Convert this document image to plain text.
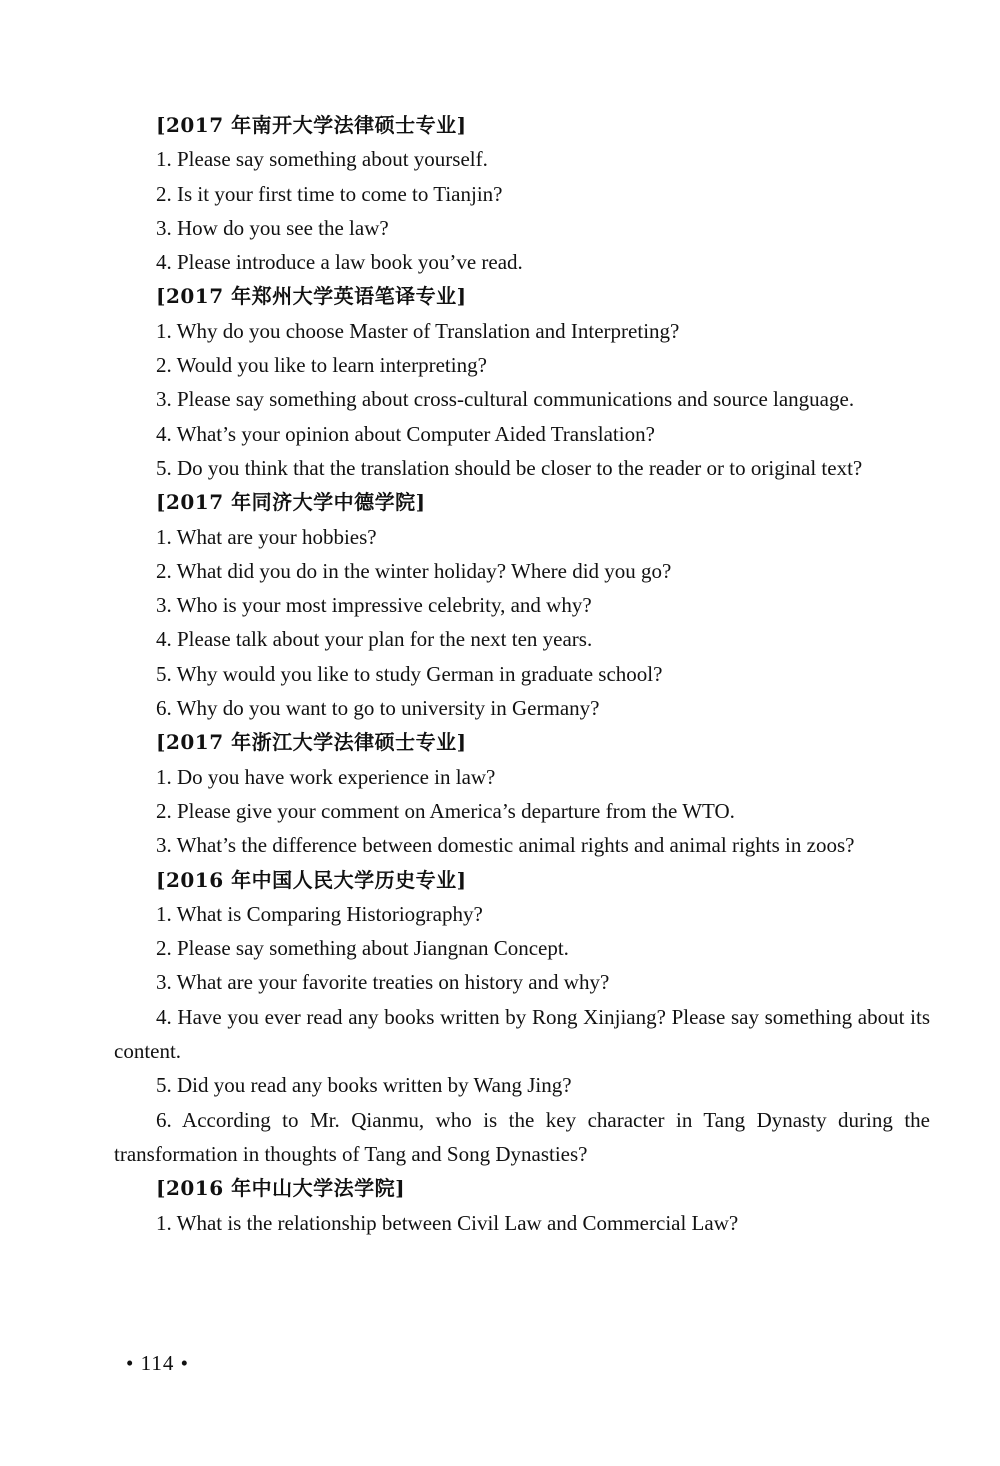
[2017 年南开大学法律硕士专业]

1. Please say something about yourself.

2. Is it your first time to come to Tianjin?

3. How do you see the law?

4. Please introduce a law book you’ve read.

[2017 年郑州大学英语笔译专业]

1. Why do you choose Master of Translation and Interpreting?

2. Would you like to learn interpreting?

3. Please say something about cross-cultural communications and source language.

4. What’s your opinion about Computer Aided Translation?

5. Do you think that the translation should be closer to the reader or to original text?

[2017 年同济大学中德学院]

1. What are your hobbies?

2. What did you do in the winter holiday? Where did you go?

3. Who is your most impressive celebrity, and why?

4. Please talk about your plan for the next ten years.

5. Why would you like to study German in graduate school?

6. Why do you want to go to university in Germany?

[2017 年浙江大学法律硕士专业]

1. Do you have work experience in law?

2. Please give your comment on America’s departure from the WTO.

3. What’s the difference between domestic animal rights and animal rights in zoos?

[2016 年中国人民大学历史专业]

1. What is Comparing Historiography?

2. Please say something about Jiangnan Concept.

3. What are your favorite treaties on history and why?

4. Have you ever read any books written by Rong Xinjiang? Please say something about its content.

5. Did you read any books written by Wang Jing?

6. According to Mr. Qianmu, who is the key character in Tang Dynasty during the transformation in thoughts of Tang and Song Dynasties?

[2016 年中山大学法学院]

1. What is the relationship between Civil Law and Commercial Law?

• 114 •
